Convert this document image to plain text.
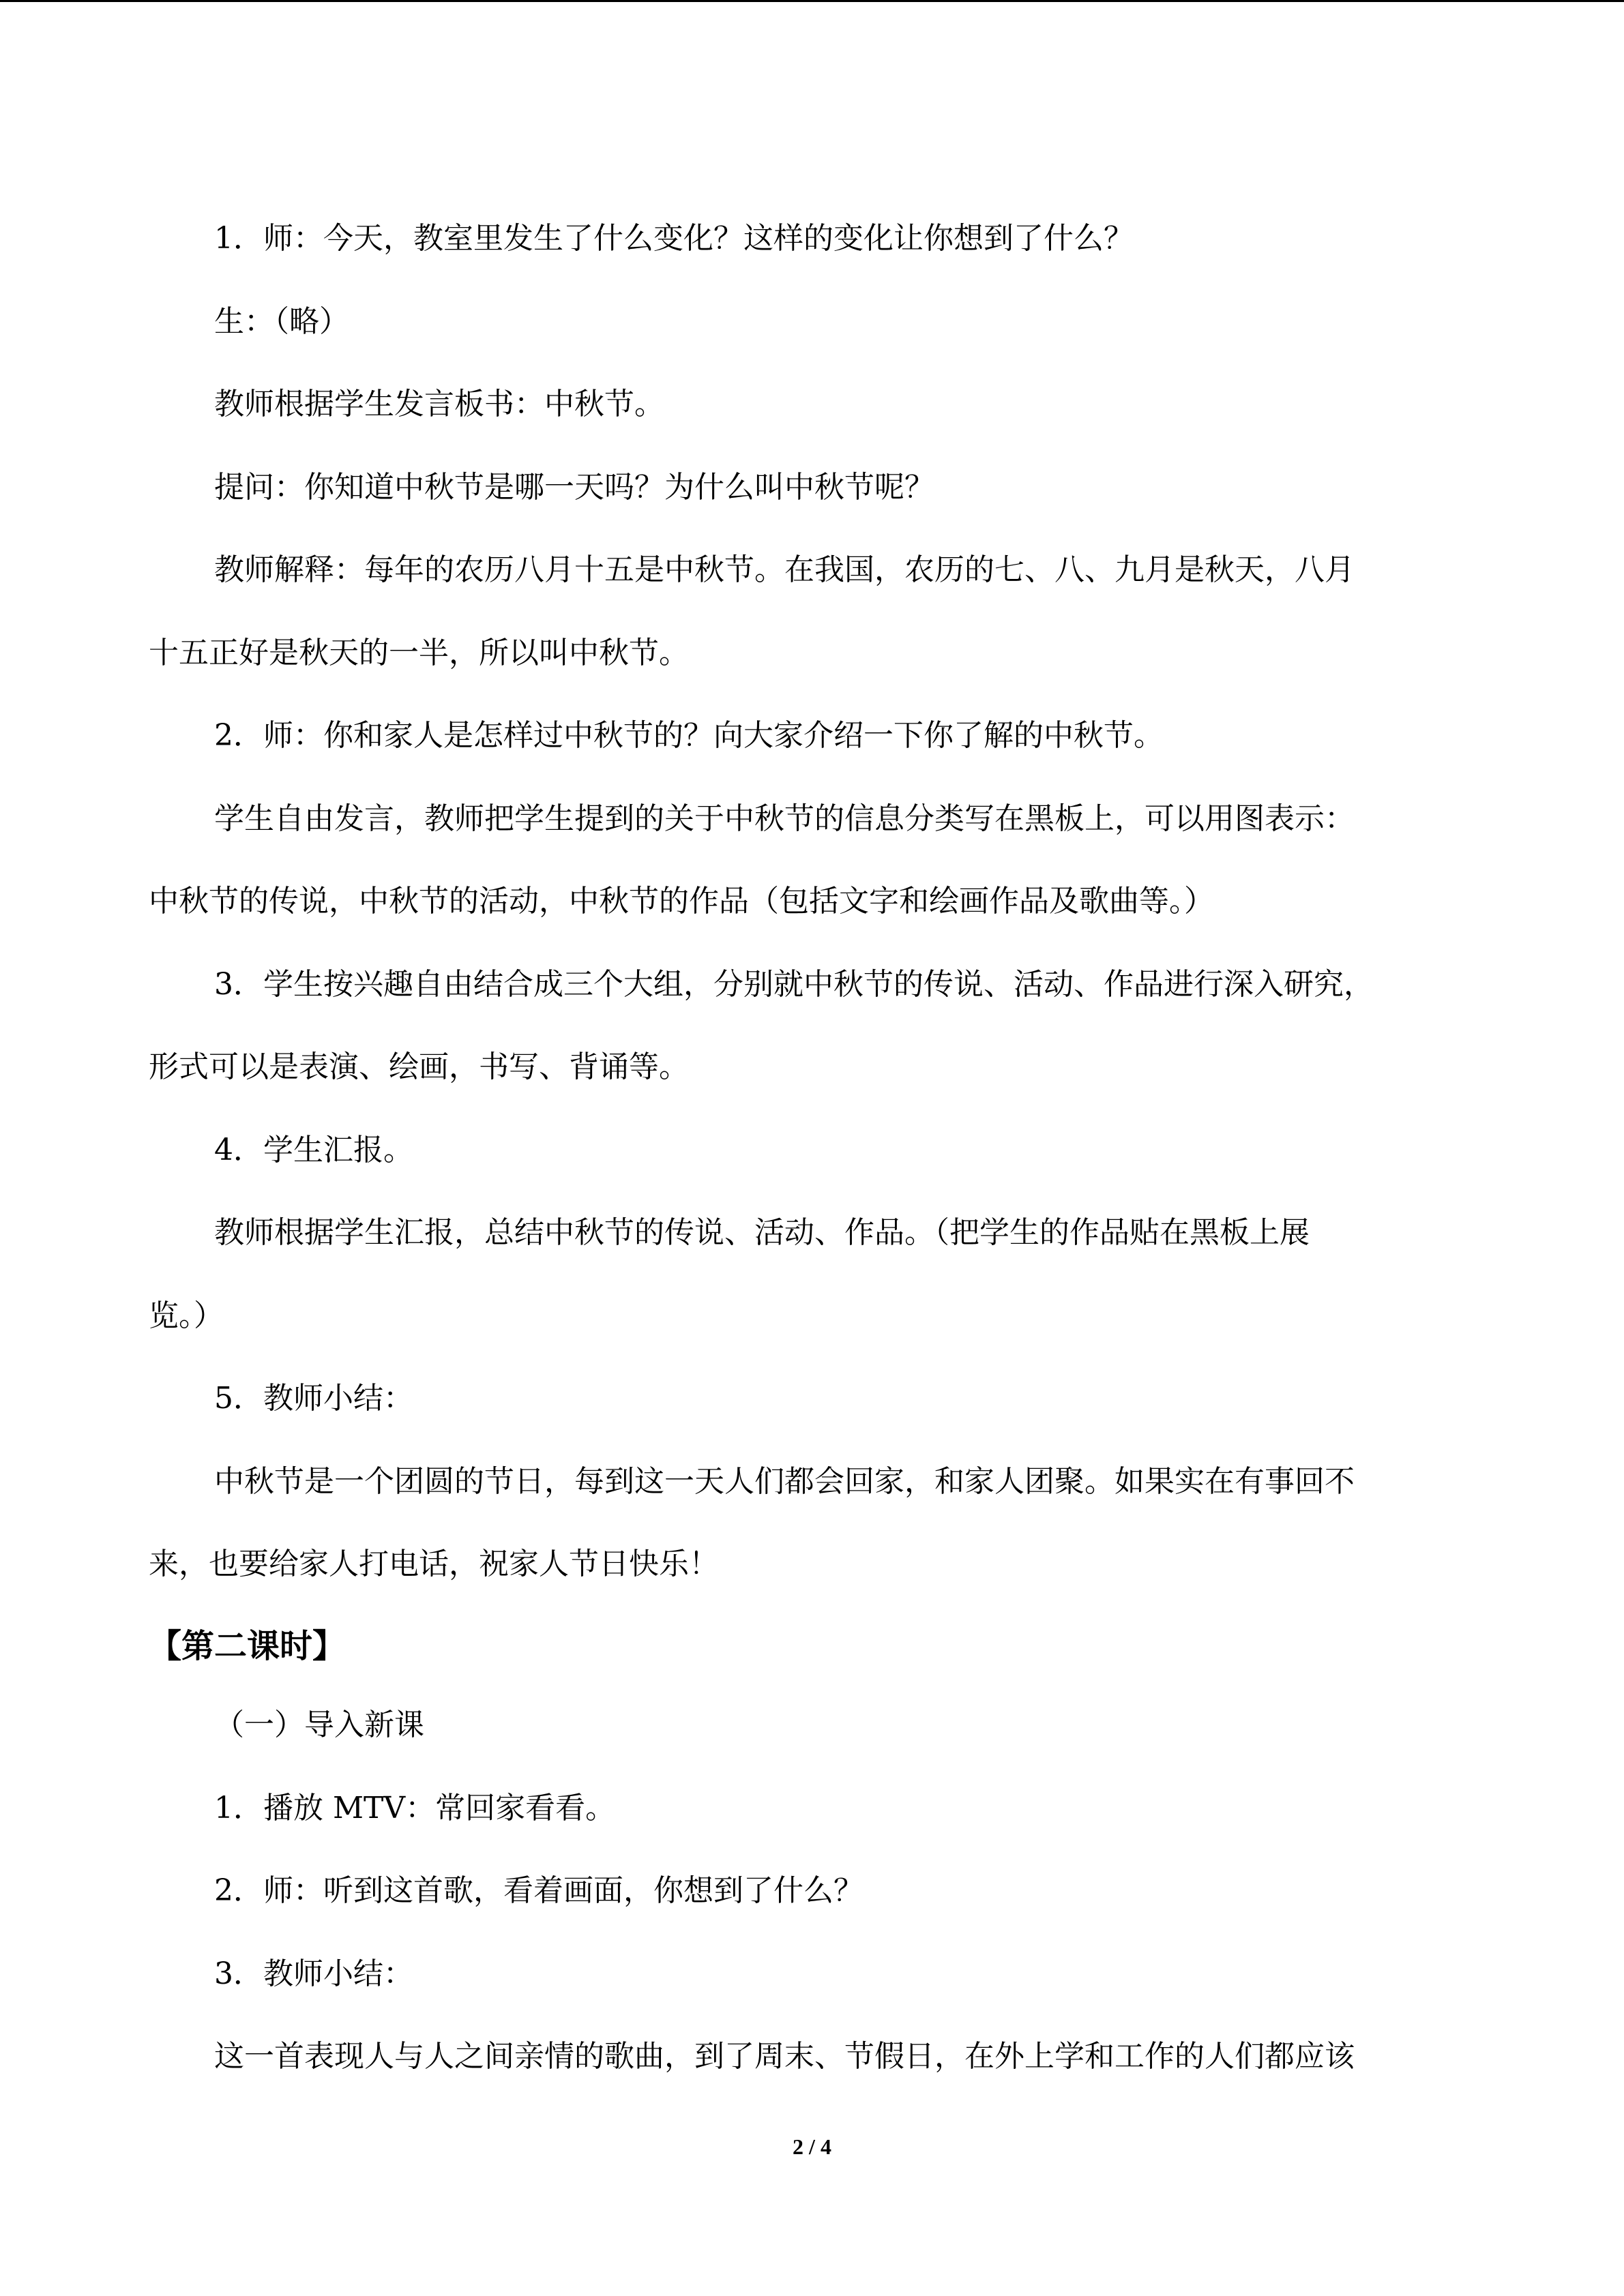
1．师：今天，教室里发生了什么变化？这样的变化让你想到了什么？
生：（略）
教师根据学生发言板书：中秋节。
提问：你知道中秋节是哪一天吗？为什么叫中秋节呢？
教师解释：每年的农历八月十五是中秋节。在我国，农历的七、八、九月是秋天，八月
十五正好是秋天的一半，所以叫中秋节。
2．师：你和家人是怎样过中秋节的？向大家介绍一下你了解的中秋节。
学生自由发言，教师把学生提到的关于中秋节的信息分类写在黑板上，可以用图表示：
中秋节的传说，中秋节的活动，中秋节的作品（包括文字和绘画作品及歌曲等。）
3．学生按兴趣自由结合成三个大组，分别就中秋节的传说、活动、作品进行深入研究，
形式可以是表演、绘画，书写、背诵等。
4．学生汇报。
教师根据学生汇报，总结中秋节的传说、活动、作品。（把学生的作品贴在黑板上展
览。）
5．教师小结：
中秋节是一个团圆的节日，每到这一天人们都会回家，和家人团聚。如果实在有事回不
来，也要给家人打电话，祝家人节日快乐！
【第二课时】
（一）导入新课
1．播放 MTV：常回家看看。
2．师：听到这首歌，看着画面，你想到了什么？
3．教师小结：
这一首表现人与人之间亲情的歌曲，到了周末、节假日，在外上学和工作的人们都应该
2 / 4
